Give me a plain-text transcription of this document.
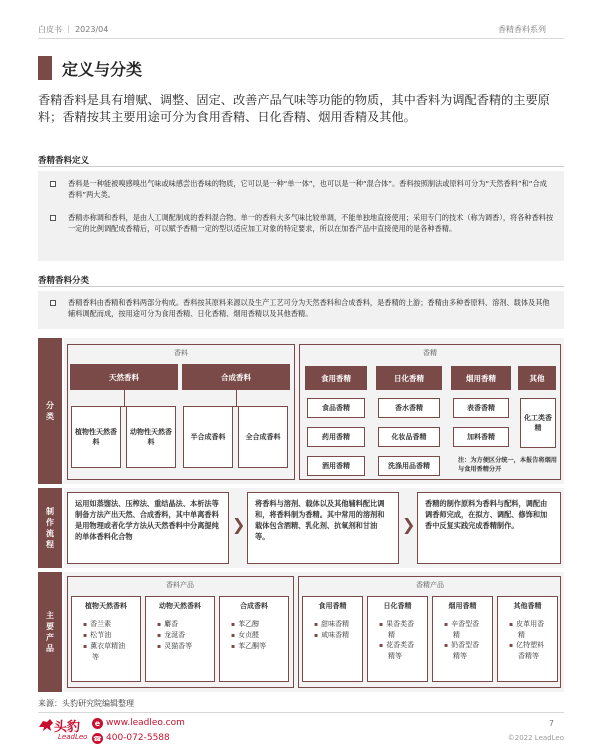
白皮书 ｜ 2023/04	香精香料系列
定义与分类
香精香料是具有增赋、调整、固定、改善产品气味等功能的物质，其中香料为调配香精的主要原料；香精按其主要用途可分为食用香精、日化香精、烟用香精及其他。
香精香料定义
香料是一种能被嗅感嗅出气味或味感尝出香味的物质，它可以是一种“单一体”，也可以是一种“混合体”。香料按照制法或原料可分为“天然香料”和“合成香料”两大类。
香精亦称调和香料，是由人工调配制成的香料混合物。单一的香料大多气味比较单调，不能单独地直接使用；采用专门的技术（称为调香），将各种香料按一定的比例调配成香精后，可以赋予香精一定的型以适应加工对象的特定要求，所以在加香产品中直接使用的是各种香精。
香精香料分类
香精香料由香精和香料两部分构成。香料按其原料来源以及生产工艺可分为天然香料和合成香料，是香精的上游；香精由多种香原料、溶剂、载体及其他辅料调配而成，按用途可分为食用香精、日化香精、烟用香精以及其他香精。
分类
制作流程
主要产品
香料
天然香料	合成香料
植物性天然香料
动物性天然香料
半合成香料	全合成香料
香精
食用香精	日化香精	烟用香精	其他
食品香精
药用香精
酒用香精
香水香精
化妆品香精
洗涤用品香精
表香香精
加料香精
化工类香精
注：为方便区分统一，本报告将烟用与食用香精分开
运用如蒸馏法、压榨法、重结晶法、本析法等制备方法产出天然、合成香料，其中单离香料是用物理或者化学方法从天然香料中分离提纯的单体香料化合物
❯
将香料与溶剂、载体以及其他辅料配比调和，将香料制为香精。其中常用的溶剂和载体包含酒精、乳化剂、抗氧剂和甘油等。
❯
香精的制作原料为香料与配料，调配由调香师完成，在拟方、调配、修饰和加香中反复实践完成香精制作。
香料产品	香精产品
植物天然香料
▪ 香兰素
▪ 松节油
▪ 薰衣草精油等
动物天然香料
▪ 麝香
▪ 龙涎香
▪ 灵猫香等
合成香料
▪ 苯乙醇
▪ 女贞醛
▪ 苯乙酮等
食用香精
▪ 甜味香精
▪ 咸味香精
日化香精
▪ 果香类香精
▪ 花香类香精等
烟用香精
▪ 辛香型香精
▪ 奶香型香精等
其他香精
▪ 皮革用香精
▪ 亿特塑料香精等
来源：头豹研究院编辑整理
头豹
LeadLeo
e www.leadleo.com
☎ 400-072-5588
7
©2022 LeadLeo
